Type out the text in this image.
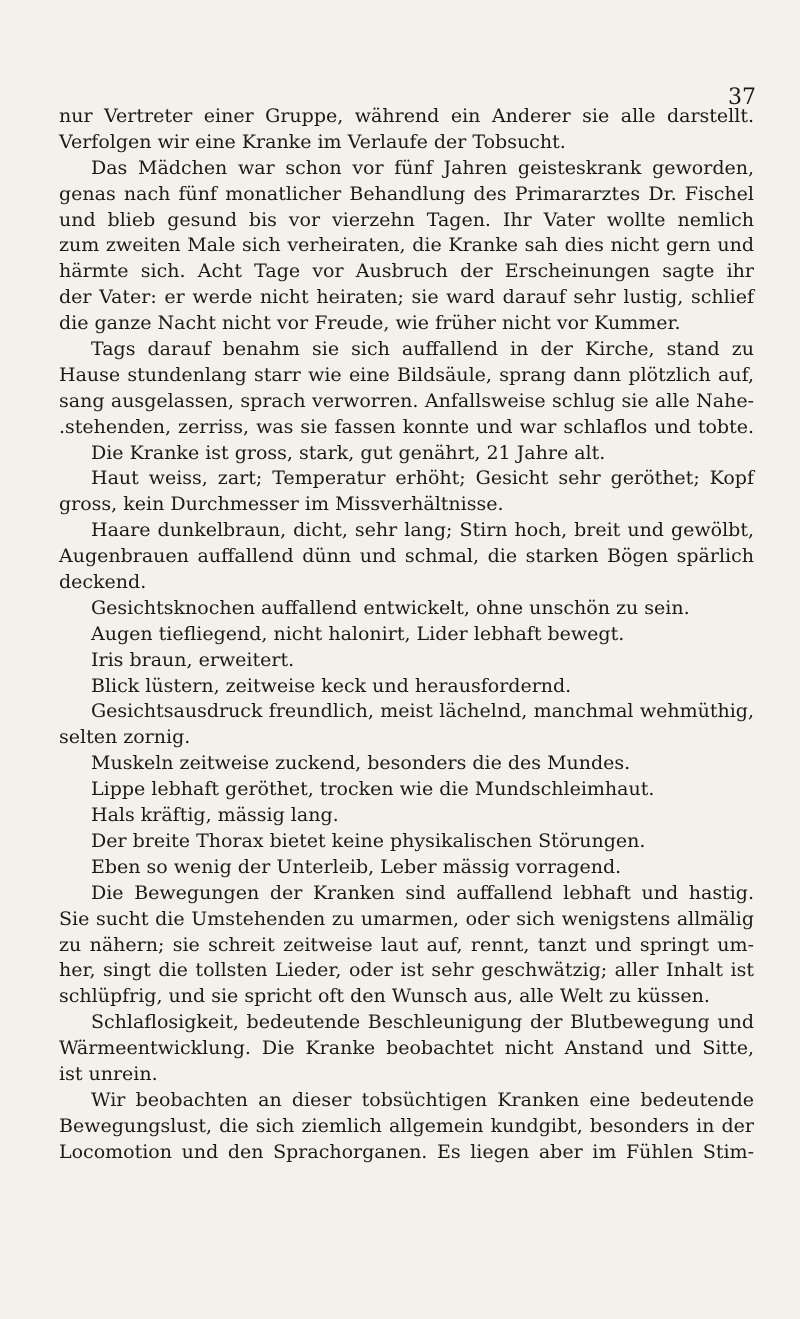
37
nur Vertreter einer Gruppe, während ein Anderer sie alle darstellt.
Verfolgen wir eine Kranke im Verlaufe der Tobsucht.
Das Mädchen war schon vor fünf Jahren geisteskrank geworden,
genas nach fünf monatlicher Behandlung des Primararztes Dr. Fischel
und blieb gesund bis vor vierzehn Tagen. Ihr Vater wollte nemlich
zum zweiten Male sich verheiraten, die Kranke sah dies nicht gern und
härmte sich. Acht Tage vor Ausbruch der Erscheinungen sagte ihr
der Vater: er werde nicht heiraten; sie ward darauf sehr lustig, schlief
die ganze Nacht nicht vor Freude, wie früher nicht vor Kummer.
Tags darauf benahm sie sich auffallend in der Kirche, stand zu
Hause stundenlang starr wie eine Bildsäule, sprang dann plötzlich auf,
sang ausgelassen, sprach verworren. Anfallsweise schlug sie alle Nahe-
.stehenden, zerriss, was sie fassen konnte und war schlaflos und tobte.
Die Kranke ist gross, stark, gut genährt, 21 Jahre alt.
Haut weiss, zart; Temperatur erhöht; Gesicht sehr geröthet; Kopf
gross, kein Durchmesser im Missverhältnisse.
Haare dunkelbraun, dicht, sehr lang; Stirn hoch, breit und gewölbt,
Augenbrauen auffallend dünn und schmal, die starken Bögen spärlich
deckend.
Gesichtsknochen auffallend entwickelt, ohne unschön zu sein.
Augen tiefliegend, nicht halonirt, Lider lebhaft bewegt.
Iris braun, erweitert.
Blick lüstern, zeitweise keck und herausfordernd.
Gesichtsausdruck freundlich, meist lächelnd, manchmal wehmüthig,
selten zornig.
Muskeln zeitweise zuckend, besonders die des Mundes.
Lippe lebhaft geröthet, trocken wie die Mundschleimhaut.
Hals kräftig, mässig lang.
Der breite Thorax bietet keine physikalischen Störungen.
Eben so wenig der Unterleib, Leber mässig vorragend.
Die Bewegungen der Kranken sind auffallend lebhaft und hastig.
Sie sucht die Umstehenden zu umarmen, oder sich wenigstens allmälig
zu nähern; sie schreit zeitweise laut auf, rennt, tanzt und springt um-
her, singt die tollsten Lieder, oder ist sehr geschwätzig; aller Inhalt ist
schlüpfrig, und sie spricht oft den Wunsch aus, alle Welt zu küssen.
Schlaflosigkeit, bedeutende Beschleunigung der Blutbewegung und
Wärmeentwicklung. Die Kranke beobachtet nicht Anstand und Sitte,
ist unrein.
Wir beobachten an dieser tobsüchtigen Kranken eine bedeutende
Bewegungslust, die sich ziemlich allgemein kundgibt, besonders in der
Locomotion und den Sprachorganen. Es liegen aber im Fühlen Stim-
